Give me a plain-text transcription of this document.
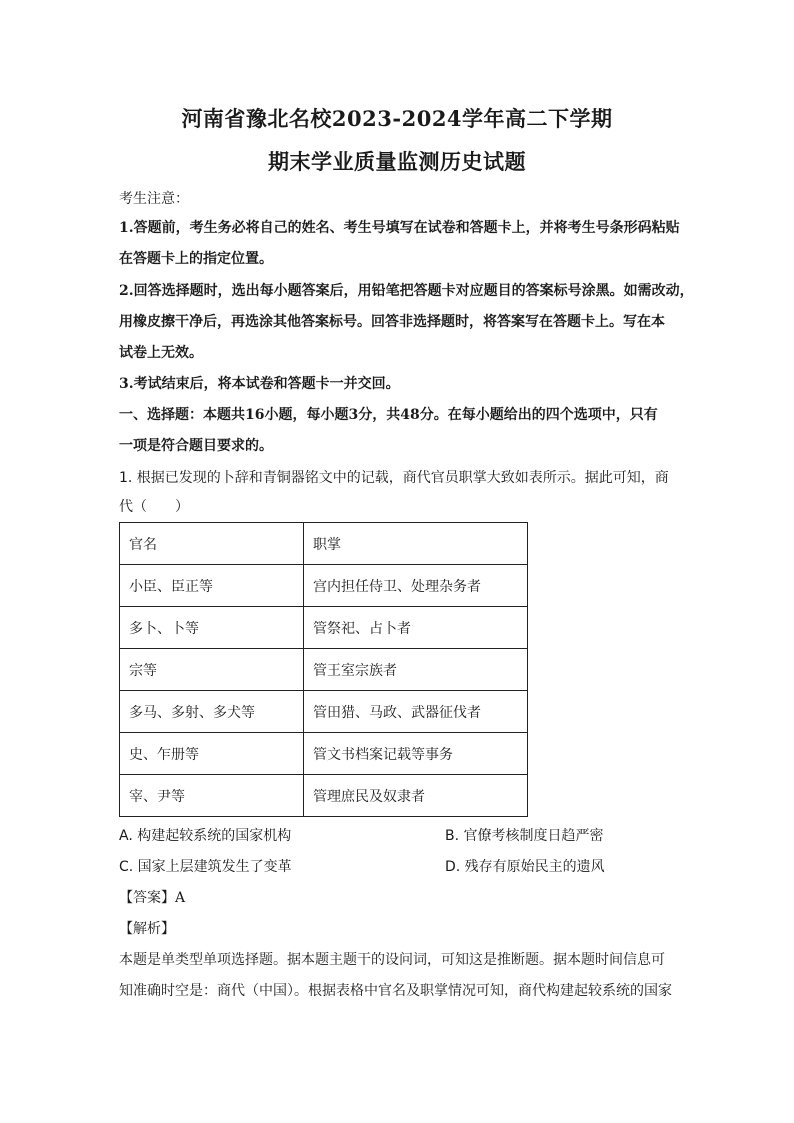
河南省豫北名校2023-2024学年高二下学期
期末学业质量监测历史试题
考生注意：
1.答题前，考生务必将自己的姓名、考生号填写在试卷和答题卡上，并将考生号条形码粘贴
在答题卡上的指定位置。
2.回答选择题时，选出每小题答案后，用铅笔把答题卡对应题目的答案标号涂黑。如需改动，
用橡皮擦干净后，再选涂其他答案标号。回答非选择题时，将答案写在答题卡上。写在本
试卷上无效。
3.考试结束后，将本试卷和答题卡一并交回。
一、选择题：本题共16小题，每小题3分，共48分。在每小题给出的四个选项中，只有
一项是符合题目要求的。
1. 根据已发现的卜辞和青铜器铭文中的记载，商代官员职掌大致如表所示。据此可知，商
代（　　）
官名	职掌
小臣、臣正等	宫内担任侍卫、处理杂务者
多卜、卜等	管祭祀、占卜者
宗等	管王室宗族者
多马、多射、多犬等	管田猎、马政、武器征伐者
史、乍册等	管文书档案记载等事务
宰、尹等	管理庶民及奴隶者
A. 构建起较系统的国家机构	B. 官僚考核制度日趋严密
C. 国家上层建筑发生了变革	D. 残存有原始民主的遗风
【答案】A
【解析】
本题是单类型单项选择题。据本题主题干的设问词，可知这是推断题。据本题时间信息可
知准确时空是：商代（中国）。根据表格中官名及职掌情况可知，商代构建起较系统的国家
